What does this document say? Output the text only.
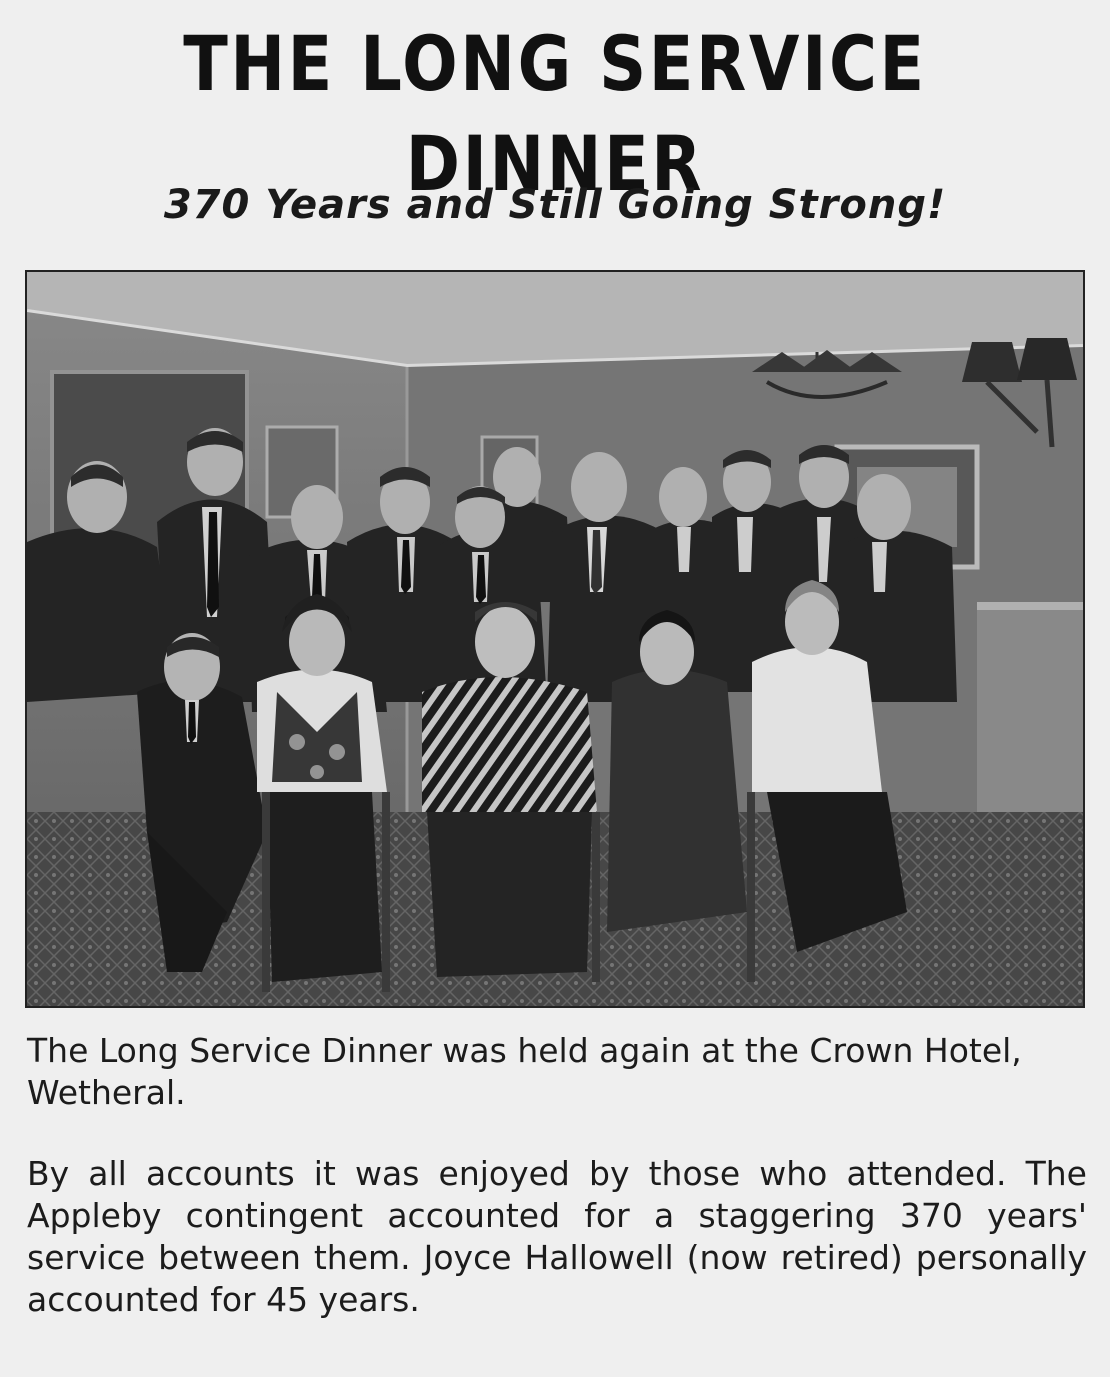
THE LONG SERVICE DINNER
370 Years and Still Going Strong!

The Long Service Dinner was held again at the Crown Hotel, Wetheral.

By all accounts it was enjoyed by those who attended. The Appleby contingent accounted for a staggering 370 years' service between them. Joyce Hallowell (now retired) personally accounted for 45 years.
